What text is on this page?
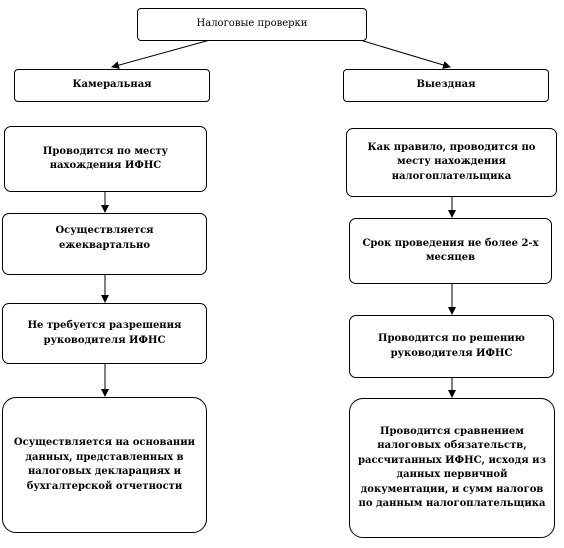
Налоговые проверки
Камеральная	Выездная
Проводится по месту нахождения ИФНС
Осуществляется ежеквартально
Не требуется разрешения руководителя ИФНС
Осуществляется на основании данных, представленных в налоговых декларациях и бухгалтерской отчетности
Как правило, проводится по месту нахождения налогоплательщика
Срок проведения не более 2-х месяцев
Проводится по решению руководителя ИФНС
Проводится сравнением налоговых обязательств, рассчитанных ИФНС, исходя из данных первичной документации, и сумм налогов по данным налогоплательщика
